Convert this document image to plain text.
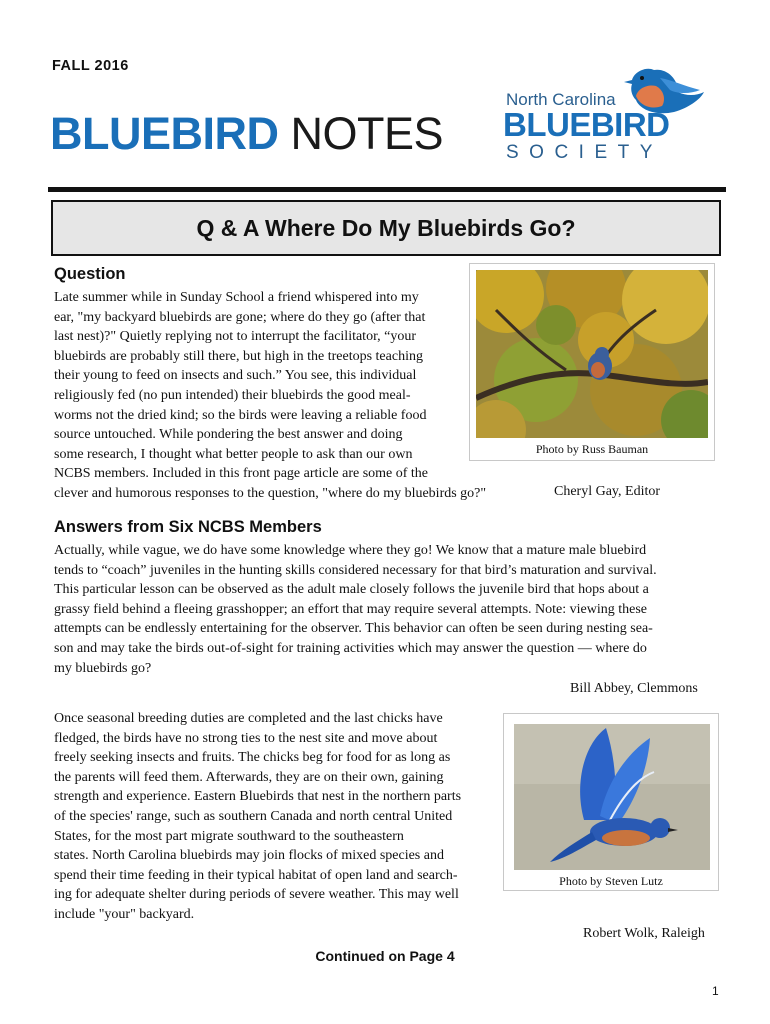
FALL 2016
BLUEBIRD NOTES
North Carolina
BLUEBIRD
SOCIETY
Q & A Where Do My Bluebirds Go?
Question
Late summer while in Sunday School a friend whispered into my
ear, "my backyard bluebirds are gone; where do they go (after that
last nest)?" Quietly replying not to interrupt the facilitator, “your
bluebirds are probably still there, but high in the treetops teaching
their young to feed on insects and such.” You see, this individual
religiously fed (no pun intended) their bluebirds the good meal-
worms not the dried kind; so the birds were leaving a reliable food
source untouched. While pondering the best answer and doing
some research, I thought what better people to ask than our own
NCBS members. Included in this front page article are some of the
clever and humorous responses to the question, "where do my bluebirds go?"	Cheryl Gay, Editor
Photo by Russ Bauman
Answers from Six NCBS Members
Actually, while vague, we do have some knowledge where they go! We know that a mature male bluebird
tends to “coach” juveniles in the hunting skills considered necessary for that bird’s maturation and survival.
This particular lesson can be observed as the adult male closely follows the juvenile bird that hops about a
grassy field behind a fleeing grasshopper; an effort that may require several attempts. Note: viewing these
attempts can be endlessly entertaining for the observer. This behavior can often be seen during nesting sea-
son and may take the birds out-of-sight for training activities which may answer the question — where do
my bluebirds go?
Bill Abbey, Clemmons
Once seasonal breeding duties are completed and the last chicks have
fledged, the birds have no strong ties to the nest site and move about
freely seeking insects and fruits. The chicks beg for food for as long as
the parents will feed them. Afterwards, they are on their own, gaining
strength and experience. Eastern Bluebirds that nest in the northern parts
of the species' range, such as southern Canada and north central United
States, for the most part migrate southward to the southeastern
states. North Carolina bluebirds may join flocks of mixed species and
spend their time feeding in their typical habitat of open land and search-
ing for adequate shelter during periods of severe weather. This may well
include "your" backyard.
Photo by Steven Lutz
Robert Wolk, Raleigh
Continued on Page 4
1
